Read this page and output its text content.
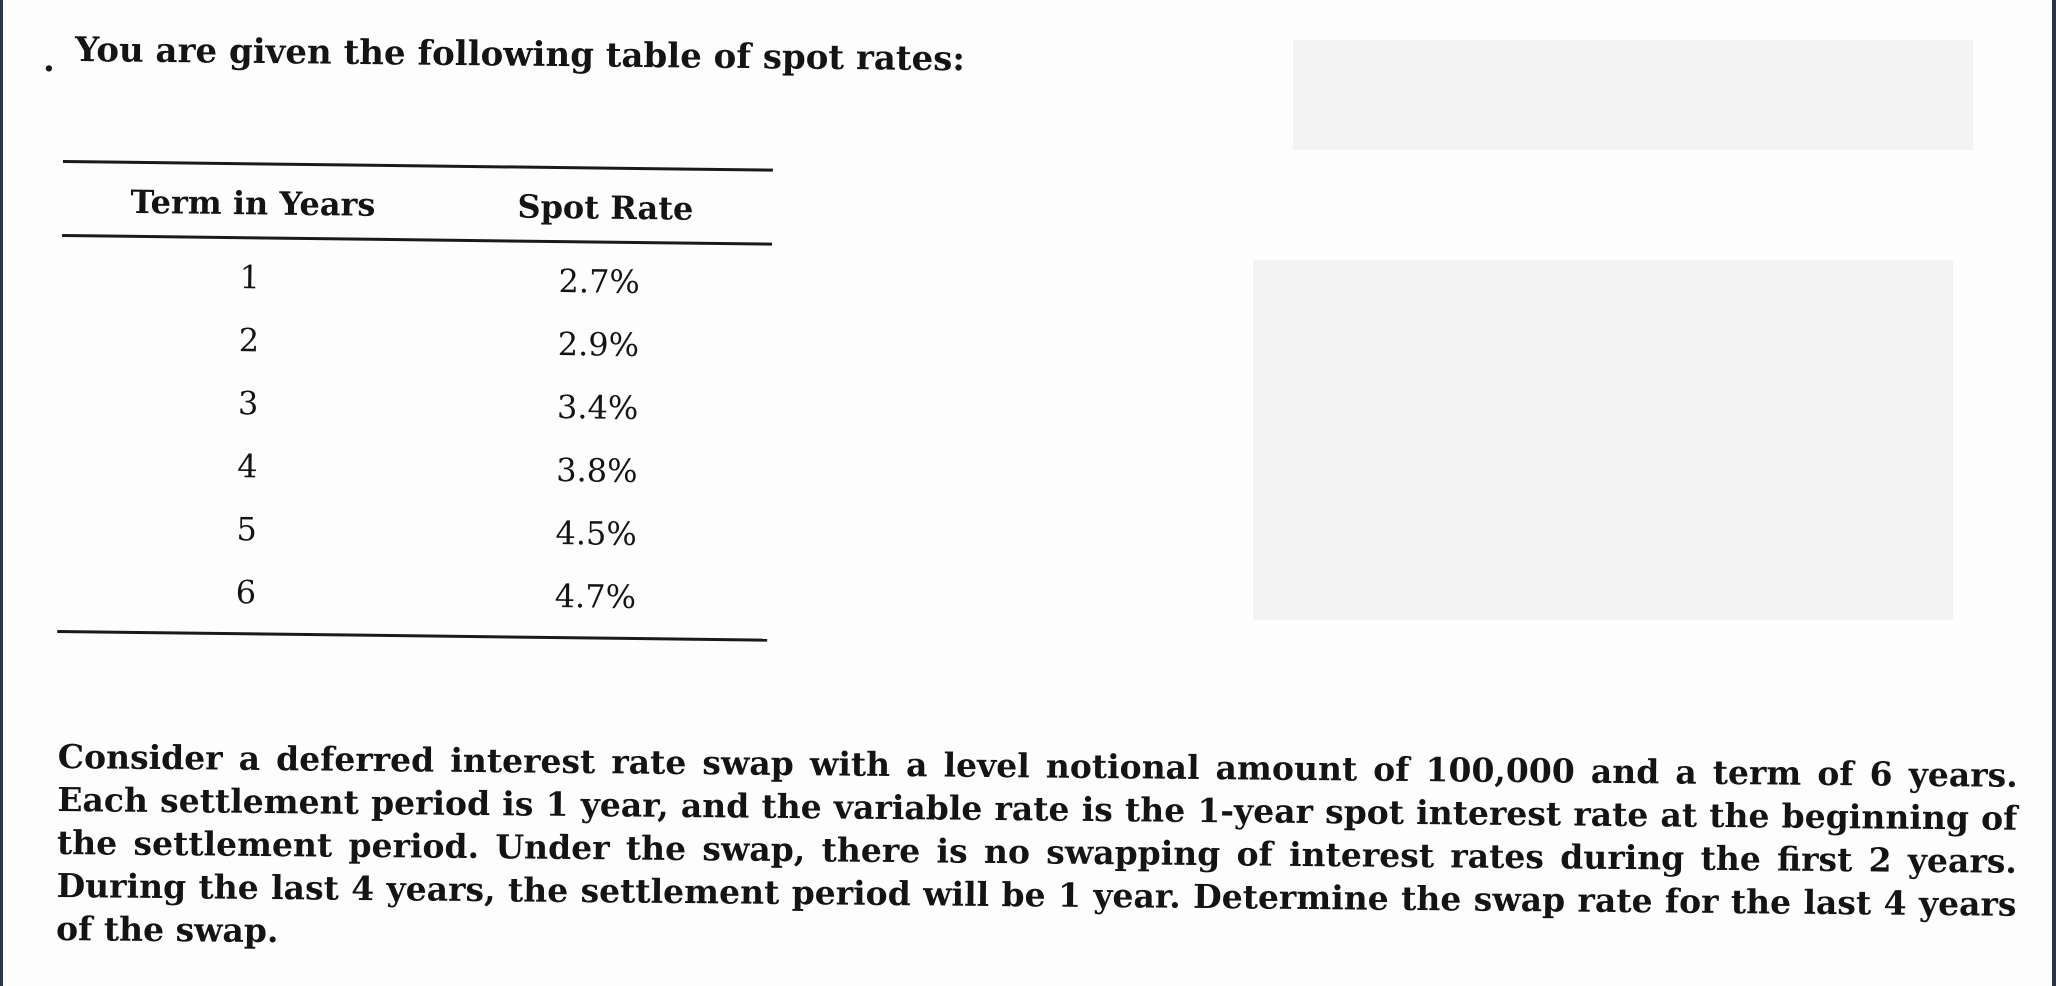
. You are given the following table of spot rates:
Term in Years	Spot Rate
1	2.7%
2	2.9%
3	3.4%
4	3.8%
5	4.5%
6	4.7%
Consider a deferred interest rate swap with a level notional amount of 100,000 and a term of 6 years. Each settlement period is 1 year, and the variable rate is the 1-year spot interest rate at the beginning of the settlement period. Under the swap, there is no swapping of interest rates during the first 2 years. During the last 4 years, the settlement period will be 1 year. Determine the swap rate for the last 4 years of the swap.
